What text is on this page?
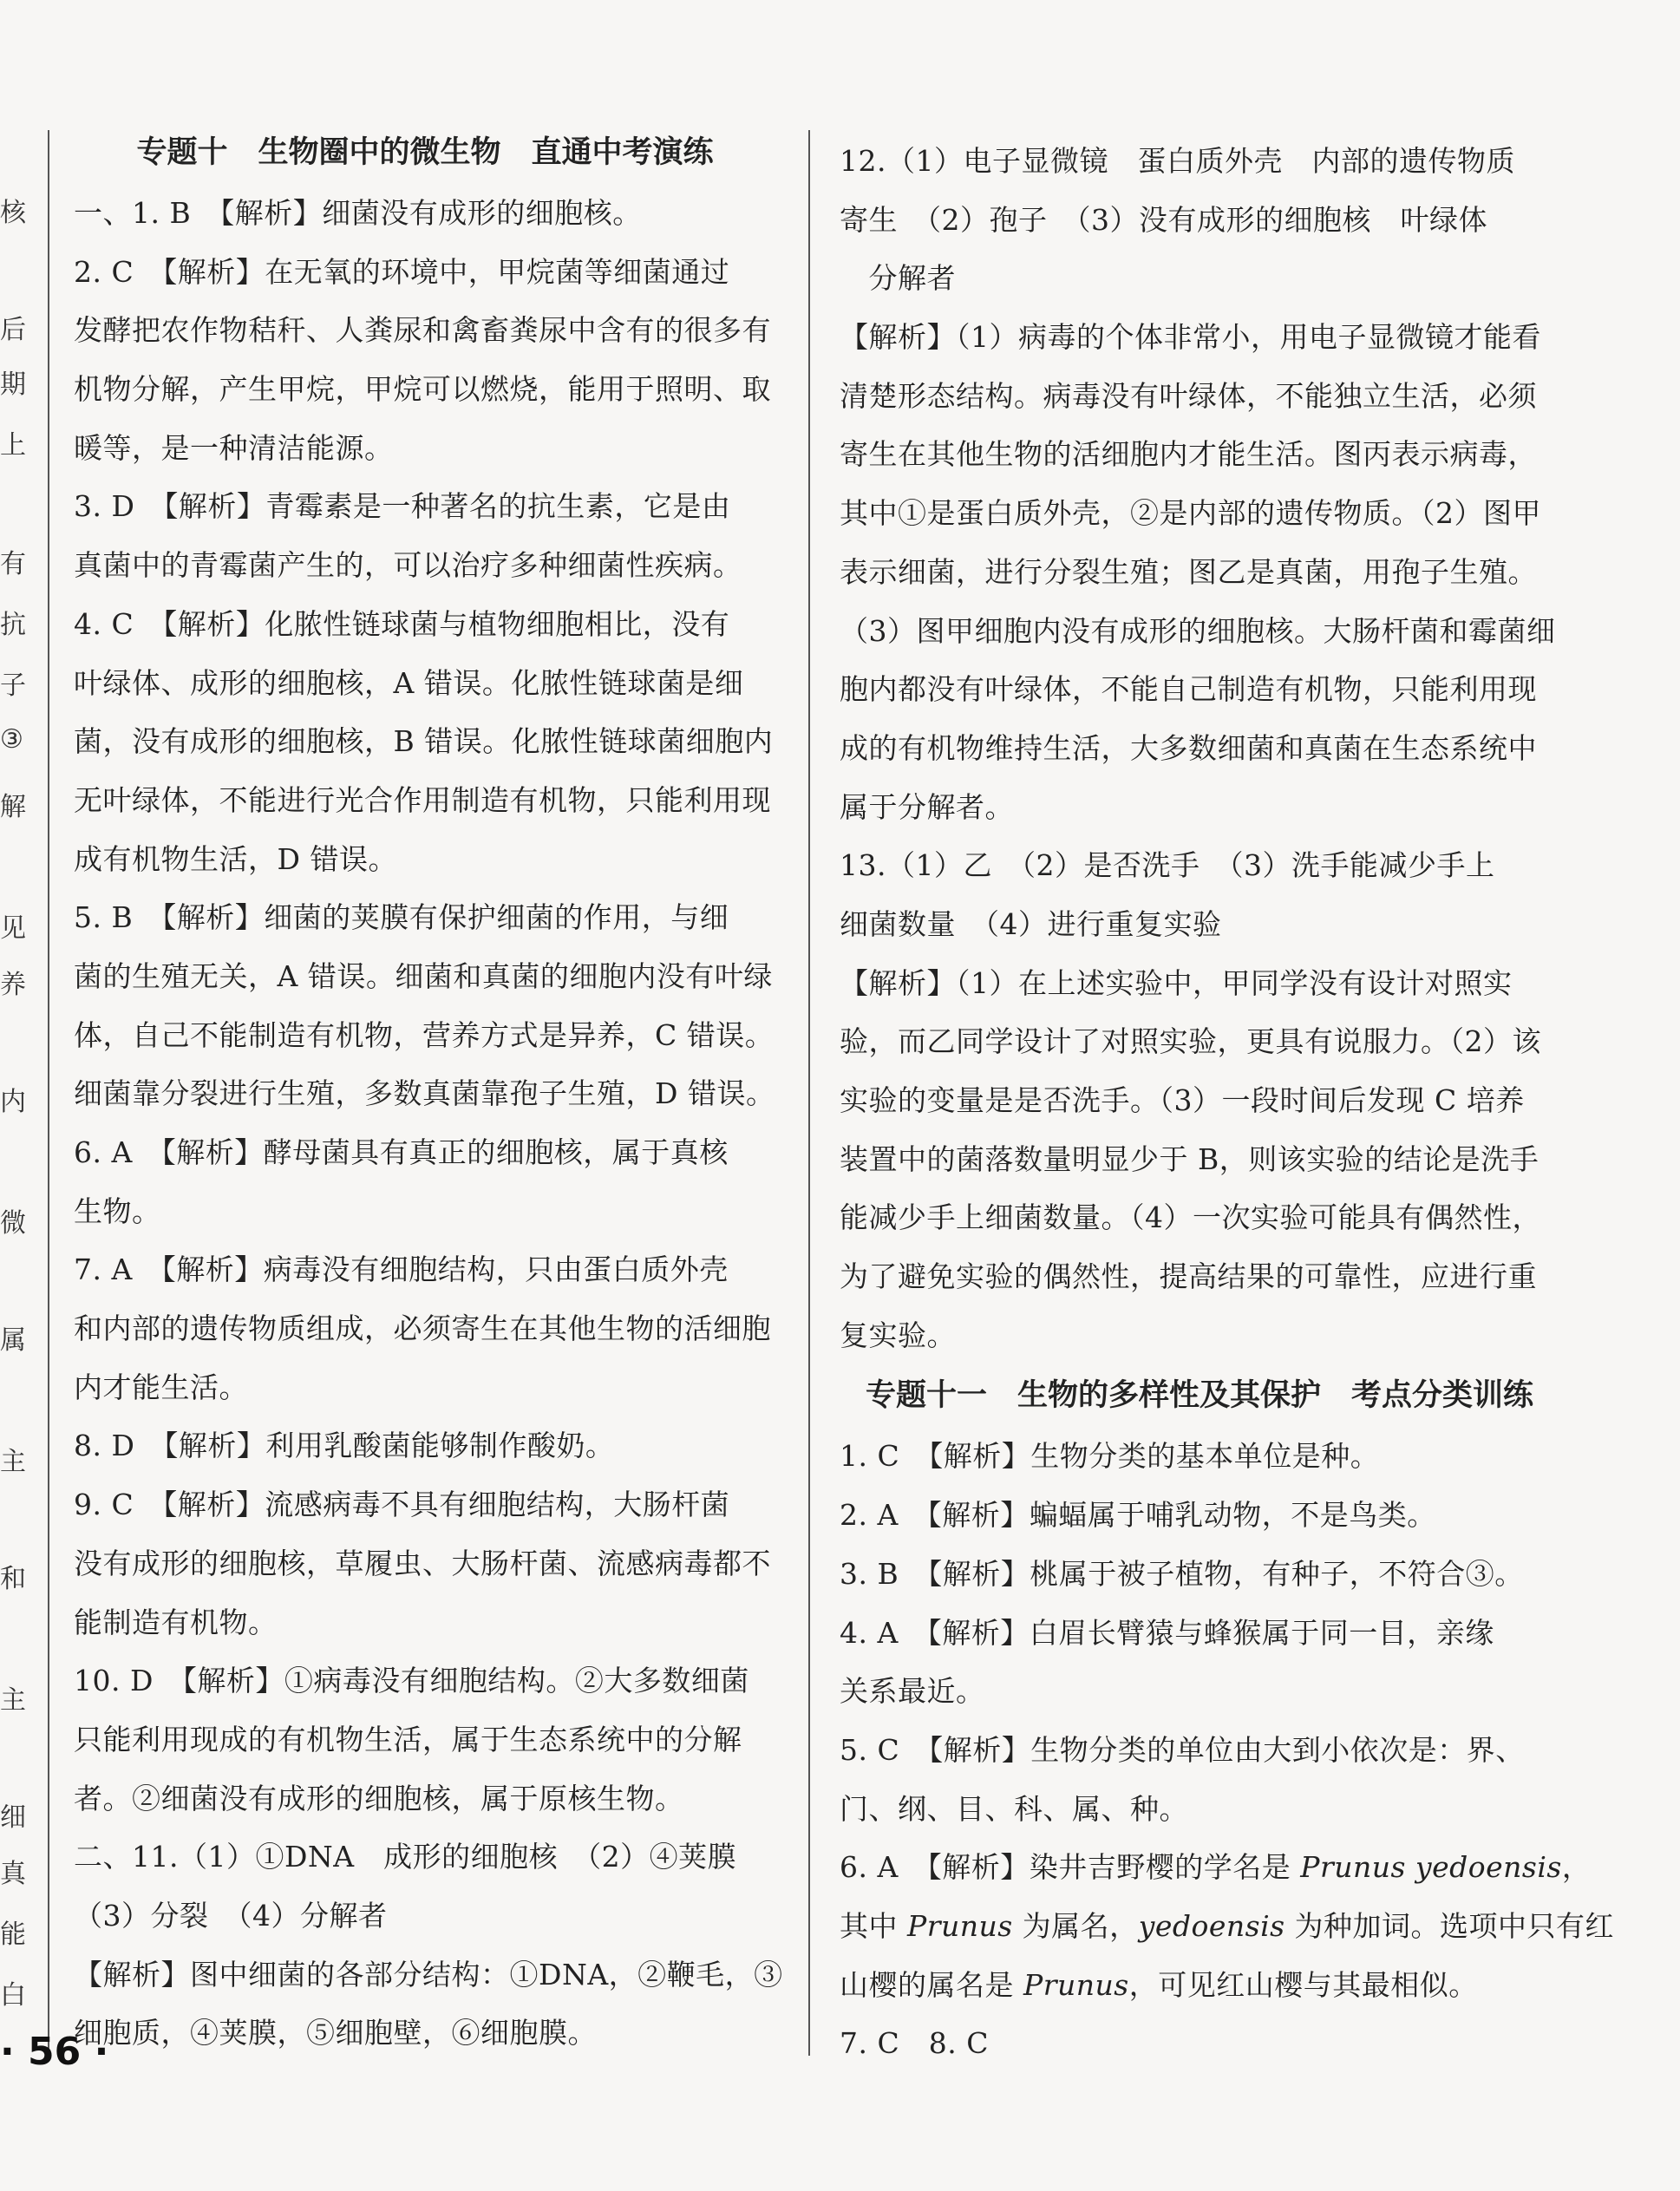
核
后
期
上
有
抗
子
③
解
见
养
内
微
属
主
和
主
细
真
能
白
专题十　生物圈中的微生物　直通中考演练
一、1. B　【解析】细菌没有成形的细胞核。
2. C　【解析】在无氧的环境中，甲烷菌等细菌通过
发酵把农作物秸秆、人粪尿和禽畜粪尿中含有的很多有
机物分解，产生甲烷，甲烷可以燃烧，能用于照明、取
暖等，是一种清洁能源。
3. D　【解析】青霉素是一种著名的抗生素，它是由
真菌中的青霉菌产生的，可以治疗多种细菌性疾病。
4. C　【解析】化脓性链球菌与植物细胞相比，没有
叶绿体、成形的细胞核，A 错误。化脓性链球菌是细
菌，没有成形的细胞核，B 错误。化脓性链球菌细胞内
无叶绿体，不能进行光合作用制造有机物，只能利用现
成有机物生活，D 错误。
5. B　【解析】细菌的荚膜有保护细菌的作用，与细
菌的生殖无关，A 错误。细菌和真菌的细胞内没有叶绿
体，自己不能制造有机物，营养方式是异养，C 错误。
细菌靠分裂进行生殖，多数真菌靠孢子生殖，D 错误。
6. A　【解析】酵母菌具有真正的细胞核，属于真核
生物。
7. A　【解析】病毒没有细胞结构，只由蛋白质外壳
和内部的遗传物质组成，必须寄生在其他生物的活细胞
内才能生活。
8. D　【解析】利用乳酸菌能够制作酸奶。
9. C　【解析】流感病毒不具有细胞结构，大肠杆菌
没有成形的细胞核，草履虫、大肠杆菌、流感病毒都不
能制造有机物。
10. D　【解析】①病毒没有细胞结构。②大多数细菌
只能利用现成的有机物生活，属于生态系统中的分解
者。②细菌没有成形的细胞核，属于原核生物。
二、11.（1）①DNA　成形的细胞核　（2）④荚膜
（3）分裂　（4）分解者
【解析】图中细菌的各部分结构：①DNA，②鞭毛，③
细胞质，④荚膜，⑤细胞壁，⑥细胞膜。
12.（1）电子显微镜　蛋白质外壳　内部的遗传物质
寄生　（2）孢子　（3）没有成形的细胞核　叶绿体
　分解者
【解析】（1）病毒的个体非常小，用电子显微镜才能看
清楚形态结构。病毒没有叶绿体，不能独立生活，必须
寄生在其他生物的活细胞内才能生活。图丙表示病毒，
其中①是蛋白质外壳，②是内部的遗传物质。（2）图甲
表示细菌，进行分裂生殖；图乙是真菌，用孢子生殖。
（3）图甲细胞内没有成形的细胞核。大肠杆菌和霉菌细
胞内都没有叶绿体，不能自己制造有机物，只能利用现
成的有机物维持生活，大多数细菌和真菌在生态系统中
属于分解者。
13.（1）乙　（2）是否洗手　（3）洗手能减少手上
细菌数量　（4）进行重复实验
【解析】（1）在上述实验中，甲同学没有设计对照实
验，而乙同学设计了对照实验，更具有说服力。（2）该
实验的变量是是否洗手。（3）一段时间后发现 C 培养
装置中的菌落数量明显少于 B，则该实验的结论是洗手
能减少手上细菌数量。（4）一次实验可能具有偶然性，
为了避免实验的偶然性，提高结果的可靠性，应进行重
复实验。
专题十一　生物的多样性及其保护　考点分类训练
1. C　【解析】生物分类的基本单位是种。
2. A　【解析】蝙蝠属于哺乳动物，不是鸟类。
3. B　【解析】桃属于被子植物，有种子，不符合③。
4. A　【解析】白眉长臂猿与蜂猴属于同一目，亲缘
关系最近。
5. C　【解析】生物分类的单位由大到小依次是：界、
门、纲、目、科、属、种。
6. A　【解析】染井吉野樱的学名是 Prunus yedoensis，
其中 Prunus 为属名，yedoensis 为种加词。选项中只有红
山樱的属名是 Prunus，可见红山樱与其最相似。
7. C　8. C
· 56 ·
